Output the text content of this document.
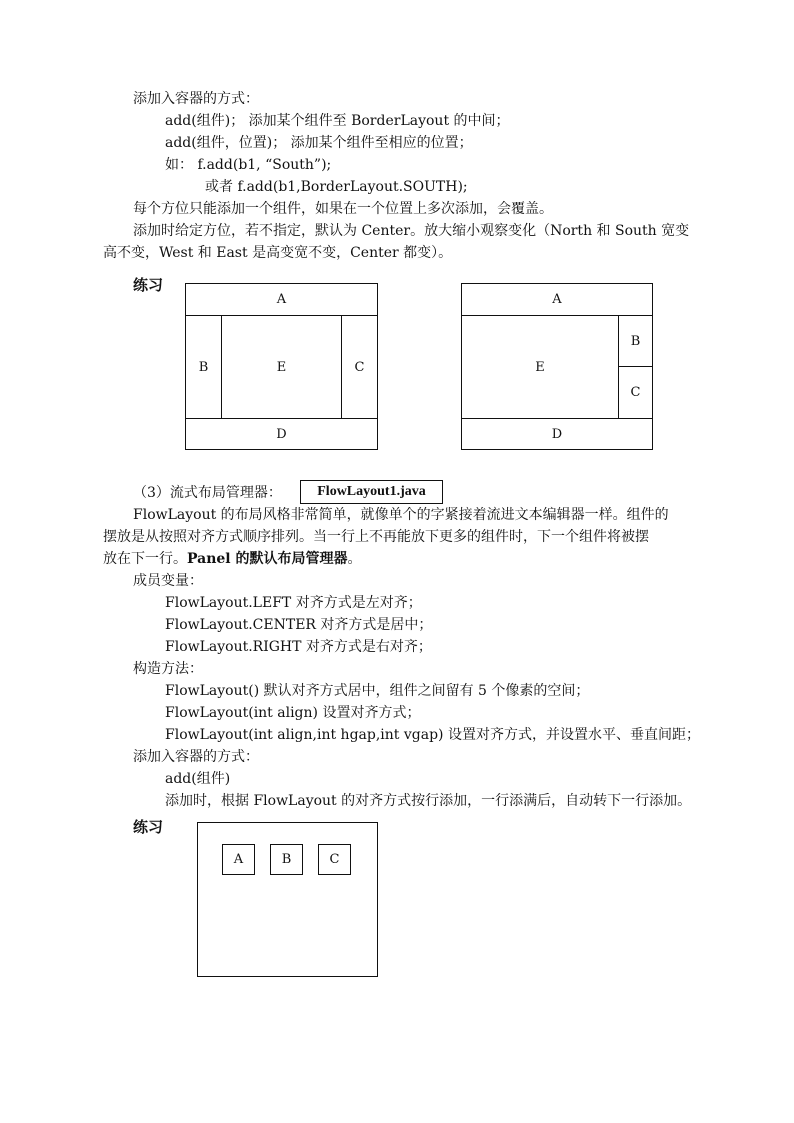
添加入容器的方式：
add(组件)； 添加某个组件至 BorderLayout 的中间；
add(组件，位置)； 添加某个组件至相应的位置；
如： f.add(b1, “South”);
或者 f.add(b1,BorderLayout.SOUTH);
每个方位只能添加一个组件，如果在一个位置上多次添加，会覆盖。
添加时给定方位，若不指定，默认为 Center。放大缩小观察变化（North 和 South 宽变
高不变，West 和 East 是高变宽不变，Center 都变）。
练习
A
B	E	C
D
A
E
B
C
D
（3）流式布局管理器：	FlowLayout1.java
FlowLayout 的布局风格非常简单，就像单个的字紧接着流进文本编辑器一样。组件的
摆放是从按照对齐方式顺序排列。当一行上不再能放下更多的组件时，下一个组件将被摆
放在下一行。Panel 的默认布局管理器。
成员变量：
FlowLayout.LEFT 对齐方式是左对齐；
FlowLayout.CENTER 对齐方式是居中；
FlowLayout.RIGHT 对齐方式是右对齐；
构造方法：
FlowLayout() 默认对齐方式居中，组件之间留有 5 个像素的空间；
FlowLayout(int align) 设置对齐方式；
FlowLayout(int align,int hgap,int vgap) 设置对齐方式，并设置水平、垂直间距；
添加入容器的方式：
add(组件)
添加时，根据 FlowLayout 的对齐方式按行添加，一行添满后，自动转下一行添加。
练习
A	B	C
